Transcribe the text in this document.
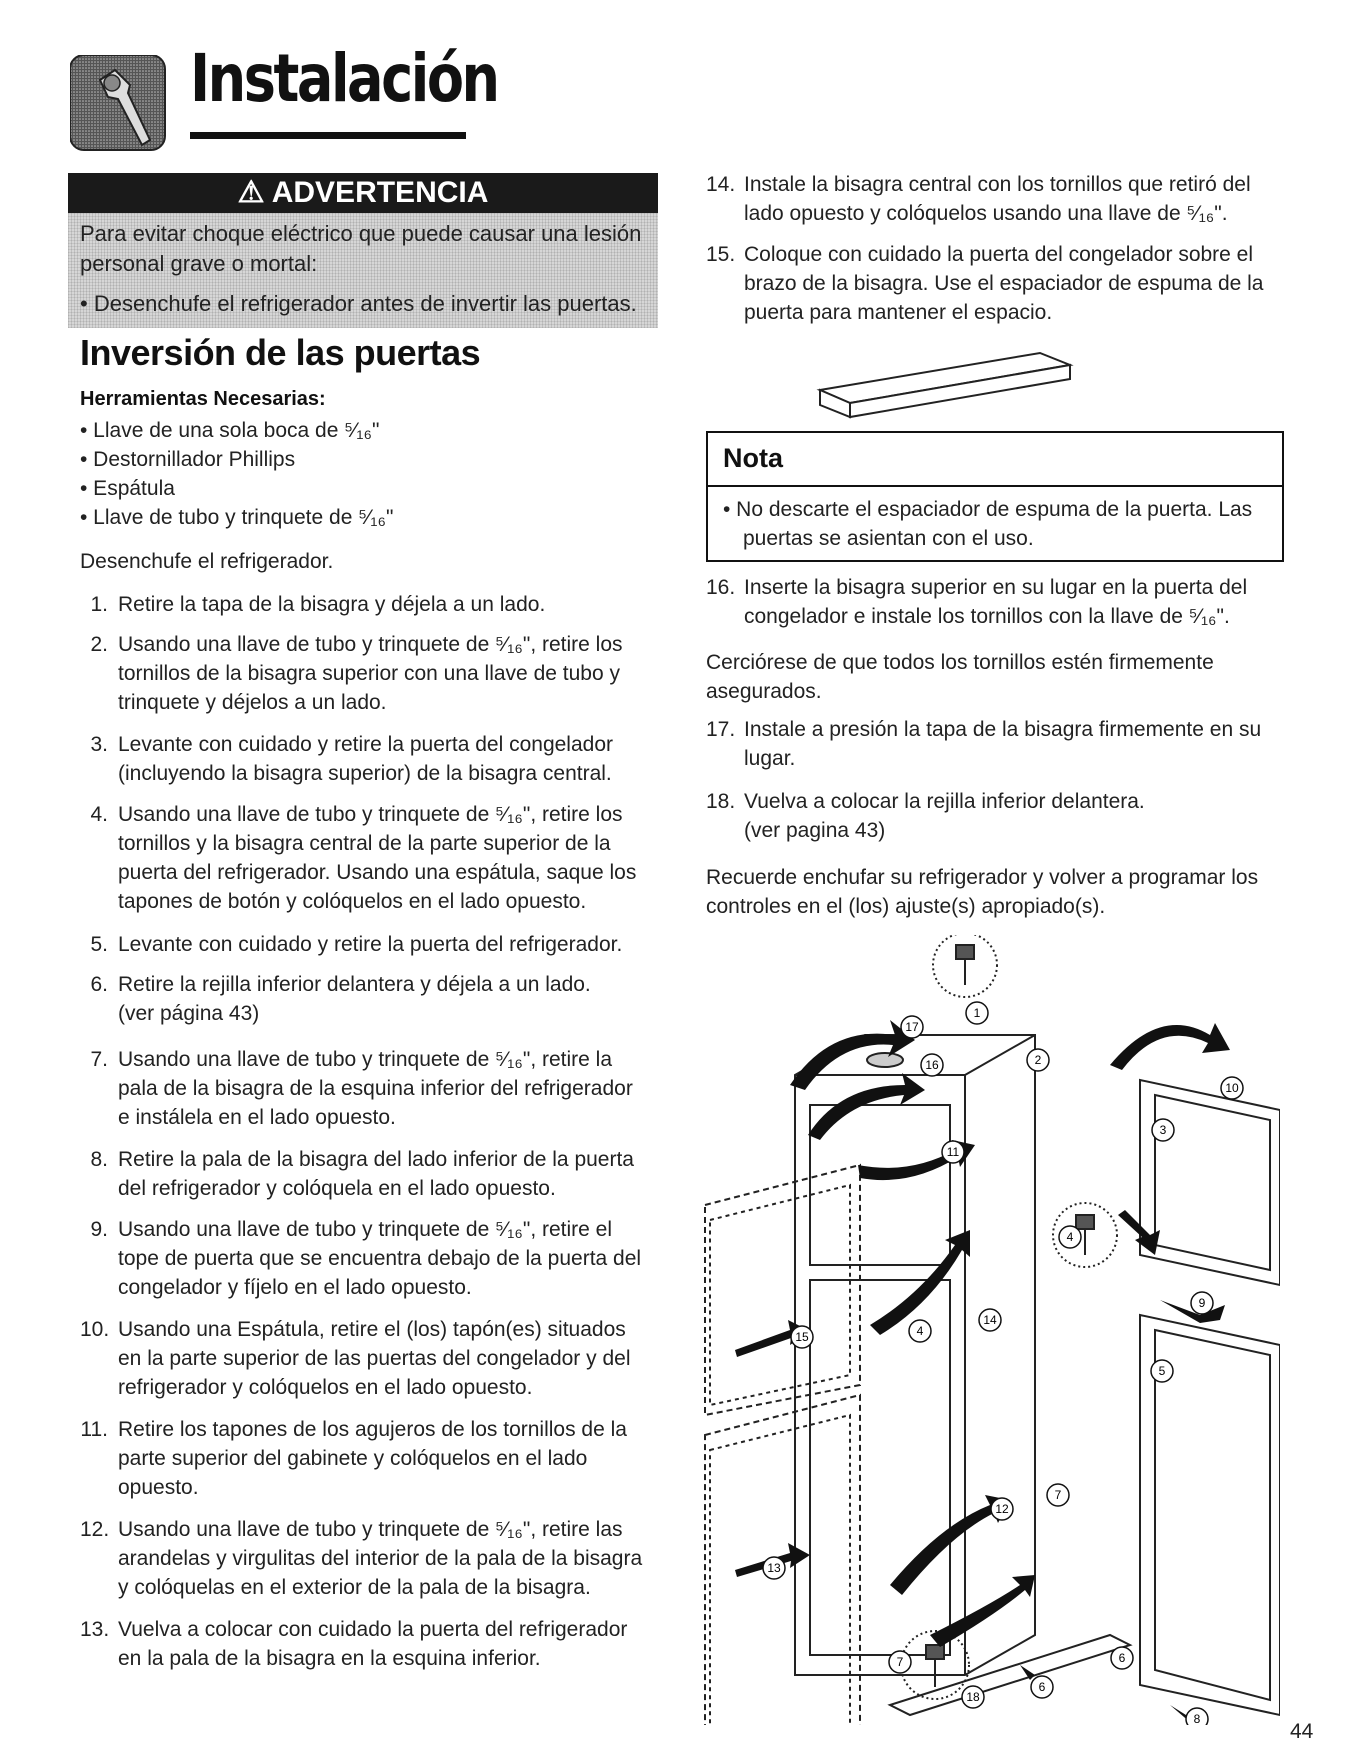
Instalación
⚠ ADVERTENCIA
Para evitar choque eléctrico que puede causar una lesión
personal grave o mortal:
• Desenchufe el refrigerador antes de invertir las puertas.
Inversión de las puertas
Herramientas Necesarias:
• Llave de una sola boca de ⁵⁄₁₆"
• Destornillador Phillips
• Espátula
• Llave de tubo y trinquete de ⁵⁄₁₆"
Desenchufe el refrigerador.
1. Retire la tapa de la bisagra y déjela a un lado.
2. Usando una llave de tubo y trinquete de ⁵⁄₁₆", retire los
tornillos de la bisagra superior con una llave de tubo y
trinquete y déjelos a un lado.
3. Levante con cuidado y retire la puerta del congelador
(incluyendo la bisagra superior) de la bisagra central.
4. Usando una llave de tubo y trinquete de ⁵⁄₁₆", retire los
tornillos y la bisagra central de la parte superior de la
puerta del refrigerador. Usando una espátula, saque los
tapones de botón y colóquelos en el lado opuesto.
5. Levante con cuidado y retire la puerta del refrigerador.
6. Retire la rejilla inferior delantera y déjela a un lado.
(ver página 43)
7. Usando una llave de tubo y trinquete de ⁵⁄₁₆", retire la
pala de la bisagra de la esquina inferior del refrigerador
e instálela en el lado opuesto.
8. Retire la pala de la bisagra del lado inferior de la puerta
del refrigerador y colóquela en el lado opuesto.
9. Usando una llave de tubo y trinquete de ⁵⁄₁₆", retire el
tope de puerta que se encuentra debajo de la puerta del
congelador y fíjelo en el lado opuesto.
10. Usando una Espátula, retire el (los) tapón(es) situados
en la parte superior de las puertas del congelador y del
refrigerador y colóquelos en el lado opuesto.
11. Retire los tapones de los agujeros de los tornillos de la
parte superior del gabinete y colóquelos en el lado
opuesto.
12. Usando una llave de tubo y trinquete de ⁵⁄₁₆", retire las
arandelas y virgulitas del interior de la pala de la bisagra
y colóquelas en el exterior de la pala de la bisagra.
13. Vuelva a colocar con cuidado la puerta del refrigerador
en la pala de la bisagra en la esquina inferior.
14. Instale la bisagra central con los tornillos que retiró del
lado opuesto y colóquelos usando una llave de ⁵⁄₁₆".
15. Coloque con cuidado la puerta del congelador sobre el
brazo de la bisagra. Use el espaciador de espuma de la
puerta para mantener el espacio.
16. Inserte la bisagra superior en su lugar en la puerta del
congelador e instale los tornillos con la llave de ⁵⁄₁₆".
17. Instale a presión la tapa de la bisagra firmemente en su
lugar.
18. Vuelva a colocar la rejilla inferior delantera.
(ver pagina 43)
Nota
• No descarte el espaciador de espuma de la puerta. Las
puertas se asientan con el uso.
Cerciórese de que todos los tornillos estén firmemente
asegurados.
Recuerde enchufar su refrigerador y volver a programar los
controles en el (los) ajuste(s) apropiado(s).
1
2
3
4
4
5
6
6
7
7
8
9
10
11
12
13
14
15
16
17
18
44
